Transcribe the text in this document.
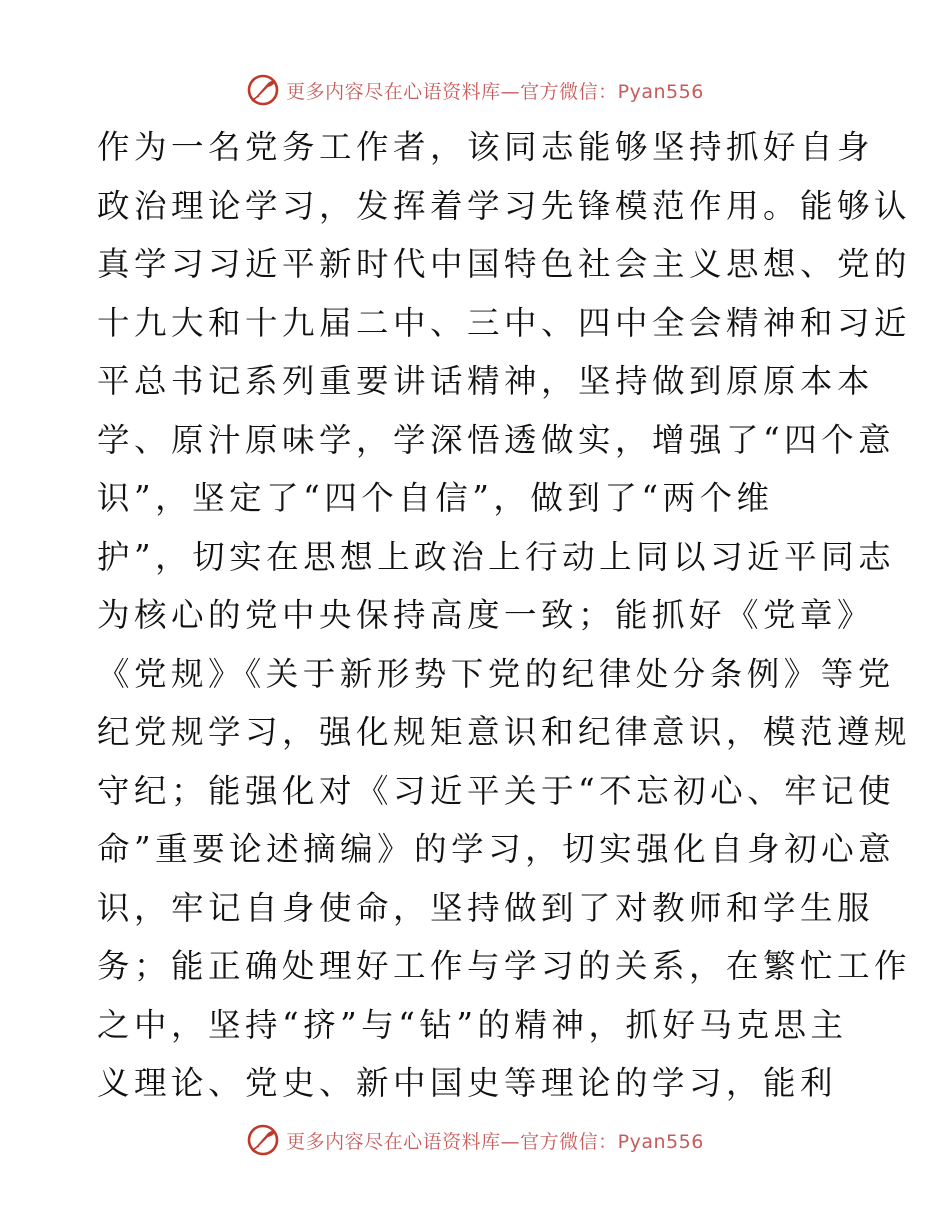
更多内容尽在心语资料库—官方微信：Pyan556
作为一名党务工作者，该同志能够坚持抓好自身
政治理论学习，发挥着学习先锋模范作用。能够认
真学习习近平新时代中国特色社会主义思想、党的
十九大和十九届二中、三中、四中全会精神和习近
平总书记系列重要讲话精神，坚持做到原原本本
学、原汁原味学，学深悟透做实，增强了“四个意
识”，坚定了“四个自信”，做到了“两个维
护”，切实在思想上政治上行动上同以习近平同志
为核心的党中央保持高度一致；能抓好《党章》
《党规》《关于新形势下党的纪律处分条例》等党
纪党规学习，强化规矩意识和纪律意识，模范遵规
守纪；能强化对《习近平关于“不忘初心、牢记使
命”重要论述摘编》的学习，切实强化自身初心意
识，牢记自身使命，坚持做到了对教师和学生服
务；能正确处理好工作与学习的关系，在繁忙工作
之中，坚持“挤”与“钻”的精神，抓好马克思主
义理论、党史、新中国史等理论的学习，能利
更多内容尽在心语资料库—官方微信：Pyan556
